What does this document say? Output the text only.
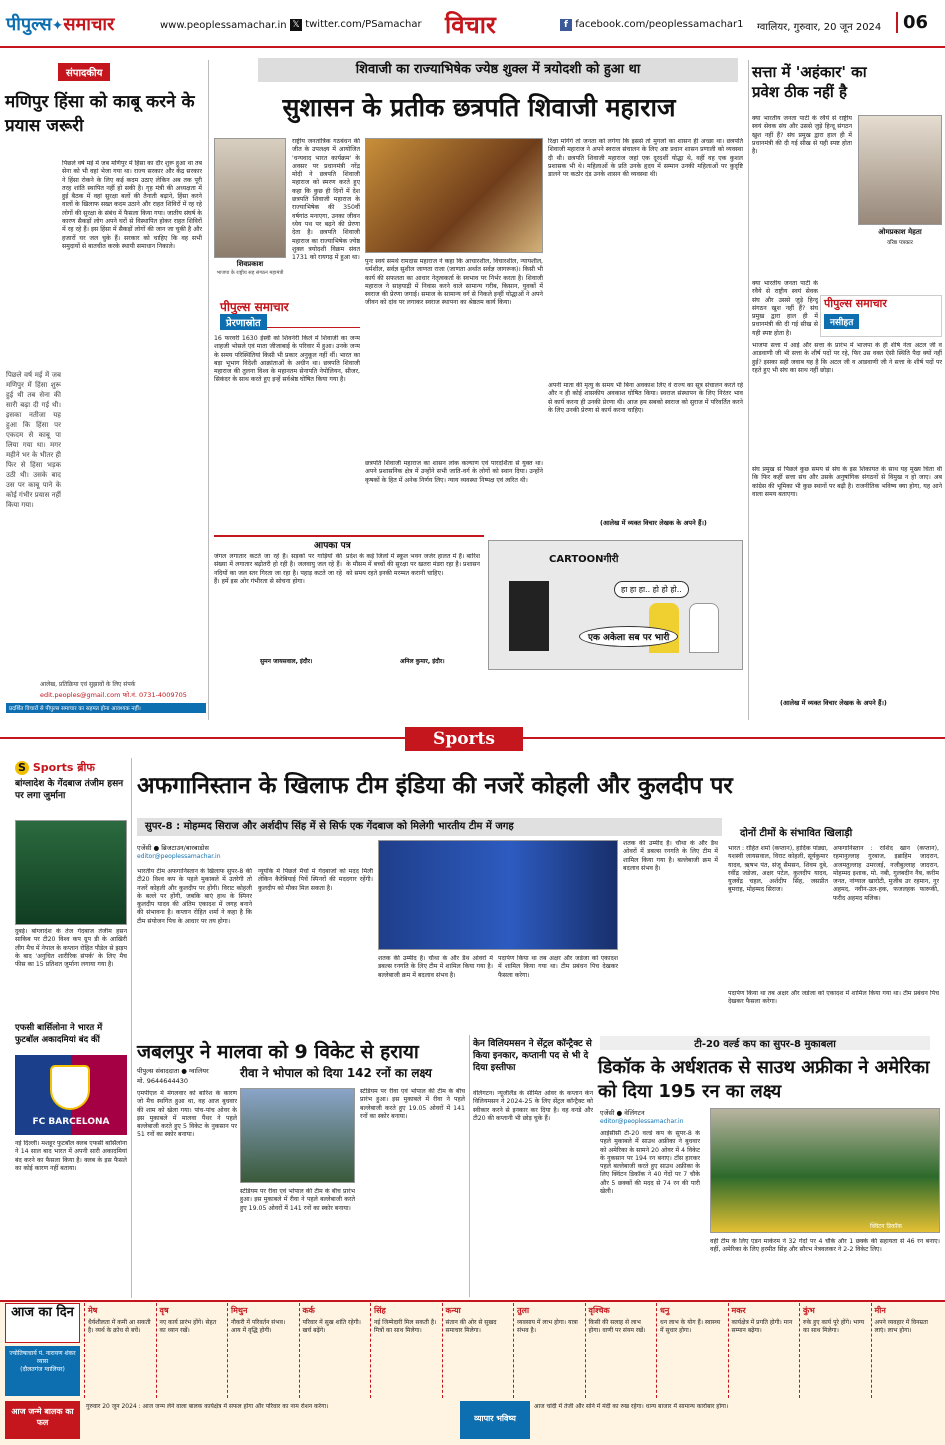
पीपुल्स✦समाचार	www.peoplessamachar.in 𝕏 twitter.com/PSamachar विचार	f facebook.com/peoplessamachar1 ग्वालियर, गुरुवार, 20 जून 2024	06
संपादकीय
मणिपुर हिंसा को काबू करने के प्रयास जरूरी
पिछले वर्ष मई में जब मणिपुर में हिंसा का दौर शुरू हुआ था तब सेना को भी वहां भेजा गया था। राज्य सरकार और केंद्र सरकार ने हिंसा रोकने के लिए कई कदम उठाए लेकिन अब तक पूरी तरह शांति स्थापित नहीं हो सकी है। गृह मंत्री की अध्यक्षता में हुई बैठक में वहां सुरक्षा बलों की तैनाती बढ़ाने, हिंसा करने वालों के खिलाफ सख्त कदम उठाने और राहत शिविरों में रह रहे लोगों की सुरक्षा के संबंध में फैसला किया गया। जातीय संघर्ष के कारण सैकड़ों लोग अपने घरों से विस्थापित होकर राहत शिविरों में रह रहे हैं। इस हिंसा में सैकड़ों लोगों की जान जा चुकी है और हजारों घर जल चुके हैं। सरकार को चाहिए कि वह सभी समुदायों से बातचीत करके स्थायी समाधान निकाले।
पिछले वर्ष मई में जब मणिपुर में हिंसा शुरू हुई थी तब सेना की सारी बढ़ा दी गई थी। इसका नतीजा यह हुआ कि हिंसा पर एकदम से काबू पा लिया गया था। मगर महीने भर के भीतर ही फिर से हिंसा भड़क उठी थी। उसके बाद उस पर काबू पाने के कोई गंभीर प्रयास नहीं किया गया।
आलेख, प्रतिक्रिया एवं सुझावों के लिए संपर्क
edit.peoples@gmail.com फो.नं. 0731-4009705
प्रदर्शित विचारों से पीपुल्स समाचार का सहमत होना आवश्यक नहीं।
शिवाजी का राज्याभिषेक ज्येष्ठ शुक्ल में त्रयोदशी को हुआ था
सुशासन के प्रतीक छत्रपति शिवाजी महाराज
शिवप्रकाश
भाजपा के राष्ट्रीय सह संगठन महामंत्री
राष्ट्रीय जनतांत्रिक गठबंधन की जीत के उपलक्ष्य में आयोजित 'धन्यवाद भारत कार्यक्रम' के अवसर पर प्रधानमंत्री नरेंद्र मोदी ने छत्रपति शिवाजी महाराज को स्मरण करते हुए कहा कि कुछ ही दिनों में देश छत्रपति शिवाजी महाराज के राज्याभिषेक की 350वीं वर्षगांठ मनाएगा, उनका जीवन ध्येय पथ पर बढ़ने की प्रेरणा देता है। छत्रपति शिवाजी महाराज का राज्याभिषेक ज्येष्ठ शुक्ल त्रयोदशी विक्रम संवत 1731 को रायगढ़ में हुआ था।
पुनः स्वयं समर्थ रामदास महाराज ने कहा कि आचारशील, विचारशील, न्यायशील, धर्मशील, सर्वज्ञ सुशील जाणता राजा (जाणता अर्थात सर्वज्ञ जागरूक)। किसी भी कार्य की सफलता का आधार नेतृत्वकर्ता के स्वभाव पर निर्भर करता है। शिवाजी महाराज ने साहयाद्री में निवास करने वाले सामान्य गरीब, किसान, युवकों में स्वराज की प्रेरणा जगाई। समाज के सामान्य वर्ग से निकले इन्हीं योद्धाओं ने अपने जीवन को दांव पर लगाकर स्वराज स्थापना का श्रेष्ठतम कार्य किया।
रिक्षा मांगेंगे तो जनता को लगेगा कि इससे तो मुगलों का शासन ही अच्छा था। छत्रपति शिवाजी महाराज ने अपने स्वराज संचालन के लिए अष्ट प्रधान शासन प्रणाली को व्यवस्था दी थी। छत्रपति शिवाजी महाराज जहां एक दूरदर्शी योद्धा थे, वहीं वह एक कुशल प्रशासक भी थे। महिलाओं के प्रति उनके हृदय में सम्मान उनकी महिलाओं पर कुदृष्टि डालने पर कठोर दंड उनके शासन की व्यवस्था थी।
पीपुल्स समाचार
प्रेरणास्रोत
16 फरवरी 1630 ईस्वी को शिवनेरी किले में शिवाजी का जन्म शाहजी भोसले एवं माता जीजाबाई के परिवार में हुआ। उनके जन्म के समय परिस्थितियां किसी भी प्रकार अनुकूल नहीं थीं। भारत का बड़ा भूभाग विदेशी आक्रांताओं के अधीन था। छत्रपति शिवाजी महाराज की तुलना विश्व के महानतम सेनापति नेपोलियन, सीजर, सिकंदर के साथ करते हुए इन्हें सर्वश्रेष्ठ घोषित किया गया है।
छत्रपति शिवाजी महाराज का शासन लोक कल्याण एवं पारदर्शिता से युक्त था। अपने प्रशासनिक क्षेत्र में उन्होंने सभी जाति-वर्ग के लोगों को स्थान दिया। उन्होंने कृषकों के हित में अनेक निर्णय लिए। न्याय व्यवस्था निष्पक्ष एवं त्वरित थी।
अपनी माता की मृत्यु के समय भी बिना अवकाश लिए वे राज्य का सूत्र संचालन करते रहे और न ही कोई शासकीय अवकाश घोषित किया। स्वराज संस्थापन के लिए निरंतर भाव से कार्य करना ही उनकी प्रेरणा थी। आज हम सबको स्वराज को सुराज में परिवर्तित करने के लिए उनकी प्रेरणा से कार्य करना चाहिए।
(आलेख में व्यक्त विचार लेखक के अपने हैं।)
आपका पत्र
जंगल लगातार कटते जा रहे हैं। सड़कों पर गाड़ियों की संख्या में लगातार बढ़ोतरी हो रही है। जलवायु जल रहे हैं। नदियों का जल स्तर गिरता जा रहा है। पहाड़ कटते जा रहे हैं। हमें इस ओर गंभीरता से सोचना होगा।
सुमन जायसवाल, इंदौर।
प्रदेश के कई जिलों में स्कूल भवन जर्जर हालत में हैं। बारिश के मौसम में बच्चों की सुरक्षा पर खतरा मंडरा रहा है। प्रशासन को समय रहते इनकी मरम्मत करानी चाहिए।
अनिल कुमार, इंदौर।
CARTOONगीरी
हा हा हा.. हो हो हो..
एक अकेला सब पर भारी
सत्ता में 'अहंकार' का
प्रवेश ठीक नहीं है
क्या भारतीय जनता पार्टी के रवैये से राष्ट्रीय स्वयं सेवक संघ और उससे जुड़े हिन्दू संगठन खुश नहीं हैं? संघ प्रमुख द्वारा हाल ही में प्रधानमंत्री की दी गई सीख से यही स्पष्ट होता है।
ओमप्रकाश मेहता
वरिष्ठ पत्रकार
पीपुल्स समाचार
नसीहत
क्या भारतीय जनता पार्टी के रवैये से राष्ट्रीय स्वयं सेवक संघ और उससे जुड़े हिन्दू संगठन खुश नहीं हैं? संघ प्रमुख द्वारा हाल ही में प्रधानमंत्री की दी गई सीख से यही स्पष्ट होता है।
भाजपा सत्ता में आई और सत्ता के प्रारंभ में भाजपा के ही शीर्ष नेता अटल जी व आडवाणी जी भी सत्ता के शीर्ष पदों पर रहे, फिर उस वक्त ऐसी स्थिति पैदा क्यों नहीं हुई? इसका सही जवाब यह है कि अटल जी व आडवाणी जी ने सत्ता के शीर्ष पदों पर रहते हुए भी संघ का साथ नहीं छोड़ा।
संघ प्रमुख से पिछले कुछ समय से संघ के इस शिकायत के साथ यह मुख्य चिंता थी कि फिर कहीं सत्ता संघ और उसके अनुषांगिक संगठनों से विमुख न हो जाए। अब कांग्रेस की भूमिका भी कुछ स्थानों पर बढ़ी है। राजनीतिक भविष्य क्या होगा, यह आने वाला समय बताएगा।
(आलेख में व्यक्त विचार लेखक के अपने हैं।)
Sports
S Sports ब्रीफ
बांग्लादेश के गेंदबाज तंजीम हसन पर लगा जुर्माना
दुबई। बांग्लादेश के तेज गेंदबाज तंजीम हसन साकिब पर टी20 विश्व कप ग्रुप डी के आखिरी लीग मैच में नेपाल के कप्तान रोहित पौडेल से झड़प के बाद 'अनुचित शारीरिक संपर्क' के लिए मैच फीस का 15 प्रतिशत जुर्माना लगाया गया है।
एफसी बार्सिलोना ने भारत में फुटबॉल अकादमियां बंद कीं
FC BARCELONA
नई दिल्ली। मशहूर फुटबॉल क्लब एफसी बार्सिलोना ने 14 साल बाद भारत में अपनी सारी अकादमियां बंद करने का फैसला किया है। क्लब के इस फैसले का कोई कारण नहीं बताया।
अफगानिस्तान के खिलाफ टीम इंडिया की नजरें कोहली और कुलदीप पर
सुपर-8 : मोहम्मद सिराज और अर्शदीप सिंह में से सिर्फ एक गेंदबाज को मिलेगी भारतीय टीम में जगह
एजेंसी ● ब्रिजटाउन/बारबाडोस
editor@peoplessamachar.in
भारतीय टीम अफगानिस्तान के खिलाफ सुपर-8 की टी20 विश्व कप के पहले मुकाबले में उतरेगी तो नजरें कोहली और कुलदीप पर होंगी। विराट कोहली के बल्ले पर होंगी, जबकि बाएं हाथ के स्पिनर कुलदीप यादव की अंतिम एकादश में जगह बनाने की संभावना है। कप्तान रोहित शर्मा ने कहा है कि टीम संयोजन पिच के आधार पर तय होगा।
न्यूयॉर्क में पिछले मैचों में गेंदबाजों को मदद मिली लेकिन कैरेबियाई पिचें स्पिनरों की मददगार रहेंगी। कुलदीप को मौका मिल सकता है।
शतक की उम्मीद है। चौथा के और डैथ ओवरों में डबल्स रनगति के लिए टीम में शामिल किया गया है। बल्लेबाजी क्रम में बदलाव संभव है।
पदार्पण किया था तब अक्षर और जडेजा को एकादश में शामिल किया गया था। टीम प्रबंधन पिच देखकर फैसला करेगा।
शतक की उम्मीद है। चौथा के और डैथ ओवरों में डबल्स रनगति के लिए टीम में शामिल किया गया है। बल्लेबाजी क्रम में बदलाव संभव है।
दोनों टीमों के संभावित खिलाड़ी
भारत : रोहित शर्मा (कप्तान), हार्दिक पांड्या, यशस्वी जायसवाल, विराट कोहली, सूर्यकुमार यादव, ऋषभ पंत, संजू सैमसन, शिवम दुबे, रवींद्र जडेजा, अक्षर पटेल, कुलदीप यादव, युजवेंद्र चहल, अर्शदीप सिंह, जसप्रीत बुमराह, मोहम्मद सिराज।
अफगानिस्तान : राशिद खान (कप्तान), रहमानुल्लाह गुरबाज, इब्राहिम जादरान, अजमतुल्लाह उमरजई, नजीबुल्लाह जादरान, मोहम्मद इशाक, मो. नबी, गुलबदीन नैब, करीम जनत, नांग्याल खारोटी, मुजीब उर रहमान, नूर अहमद, नवीन-उल-हक, फजलहक फारूकी, फरीद अहमद मलिक।
पदार्पण किया था तब अक्षर और जडेजा को एकादश में शामिल किया गया था। टीम प्रबंधन पिच देखकर फैसला करेगा।
जबलपुर ने मालवा को 9 विकेट से हराया
रीवा ने भोपाल को दिया 142 रनों का लक्ष्य
पीपुल्स संवाददाता ● ग्वालियर
मो. 9644644430
एमपीएल में मंगलवार को बारिश के कारण जो मैच स्थगित हुआ था, वह आज बुधवार की शाम को खेला गया। पांच-पांच ओवर के इस मुकाबले में मालवा पैंथर ने पहले बल्लेबाजी करते हुए 5 विकेट के नुकसान पर 51 रनों का स्कोर बनाया।
स्टेडियम पर रीवा एवं भोपाल की टीम के बीच प्रारंभ हुआ। इस मुकाबले में रीवा ने पहले बल्लेबाजी करते हुए 19.05 ओवरों में 141 रनों का स्कोर बनाया।
स्टेडियम पर रीवा एवं भोपाल की टीम के बीच प्रारंभ हुआ। इस मुकाबले में रीवा ने पहले बल्लेबाजी करते हुए 19.05 ओवरों में 141 रनों का स्कोर बनाया।
केन विलियमसन ने सेंट्रल कॉन्ट्रैक्ट से किया इनकार, कप्तानी पद से भी दे दिया इस्तीफा
वेलिंगटन। न्यूजीलैंड के सीमित ओवर के कप्तान केन विलियमसन ने 2024-25 के लिए सेंट्रल कॉन्ट्रैक्ट को स्वीकार करने से इनकार कर दिया है। वह वनडे और टी20 की कप्तानी भी छोड़ चुके हैं।
टी-20 वर्ल्ड कप का सुपर-8 मुकाबला
डिकॉक के अर्धशतक से साउथ अफ्रीका ने अमेरिका को दिया 195 रन का लक्ष्य
एजेंसी ● वेलिंगटन
editor@peoplessamachar.in
आईसीसी टी-20 वर्ल्ड कप के सुपर-8 के पहले मुकाबले में साउथ अफ्रीका ने बुधवार को अमेरिका के सामने 20 ओवर में 4 विकेट के नुकसान पर 194 रन बनाए। टॉस हारकर पहले बल्लेबाजी करते हुए साउथ अफ्रीका के लिए क्विंटन डिकॉक ने 40 गेंदों पर 7 चौके और 5 छक्कों की मदद से 74 रन की पारी खेली।
क्विंटन डिकॉक
वहीं टीम के लिए एडन मार्करम ने 32 गेंदों पर 4 चौके और 1 छक्के की सहायता से 46 रन बनाए। वहीं, अमेरिका के लिए हरमीत सिंह और सौरभ नेत्रवलकर ने 2-2 विकेट लिए।
आज का दिन
ज्योतिषाचार्य पं. नारायण शंकर व्यास
(दौलतगंज ग्वालियर)
मेष
धैर्यशीलता में कमी आ सकती है। व्यर्थ के क्रोध से बचें।
वृष
नए कार्य प्रारंभ होंगे। सेहत का ध्यान रखें।
मिथुन
नौकरी में परिवर्तन संभव। आय में वृद्धि होगी।
कर्क
परिवार में सुख शांति रहेगी। खर्च बढ़ेंगे।
सिंह
नई जिम्मेदारी मिल सकती है। मित्रों का साथ मिलेगा।
कन्या
संतान की ओर से सुखद समाचार मिलेगा।
तुला
व्यवसाय में लाभ होगा। यात्रा संभव है।
वृश्चिक
किसी की सलाह से लाभ होगा। वाणी पर संयम रखें।
धनु
धन लाभ के योग हैं। स्वास्थ्य में सुधार होगा।
मकर
कार्यक्षेत्र में प्रगति होगी। मान सम्मान बढ़ेगा।
कुंभ
रुके हुए कार्य पूरे होंगे। भाग्य का साथ मिलेगा।
मीन
अपने व्यवहार में विनम्रता लाएं। लाभ होगा।
आज जन्मे बालक का फल
गुरुवार 20 जून 2024 : आज जन्म लेने वाला बालक कार्यक्षेत्र में सफल होगा और परिवार का नाम रोशन करेगा।
व्यापार भविष्य
आज चांदी में तेजी और सोने में मंदी का रुख रहेगा। धान्य बाजार में सामान्य कारोबार होगा।
